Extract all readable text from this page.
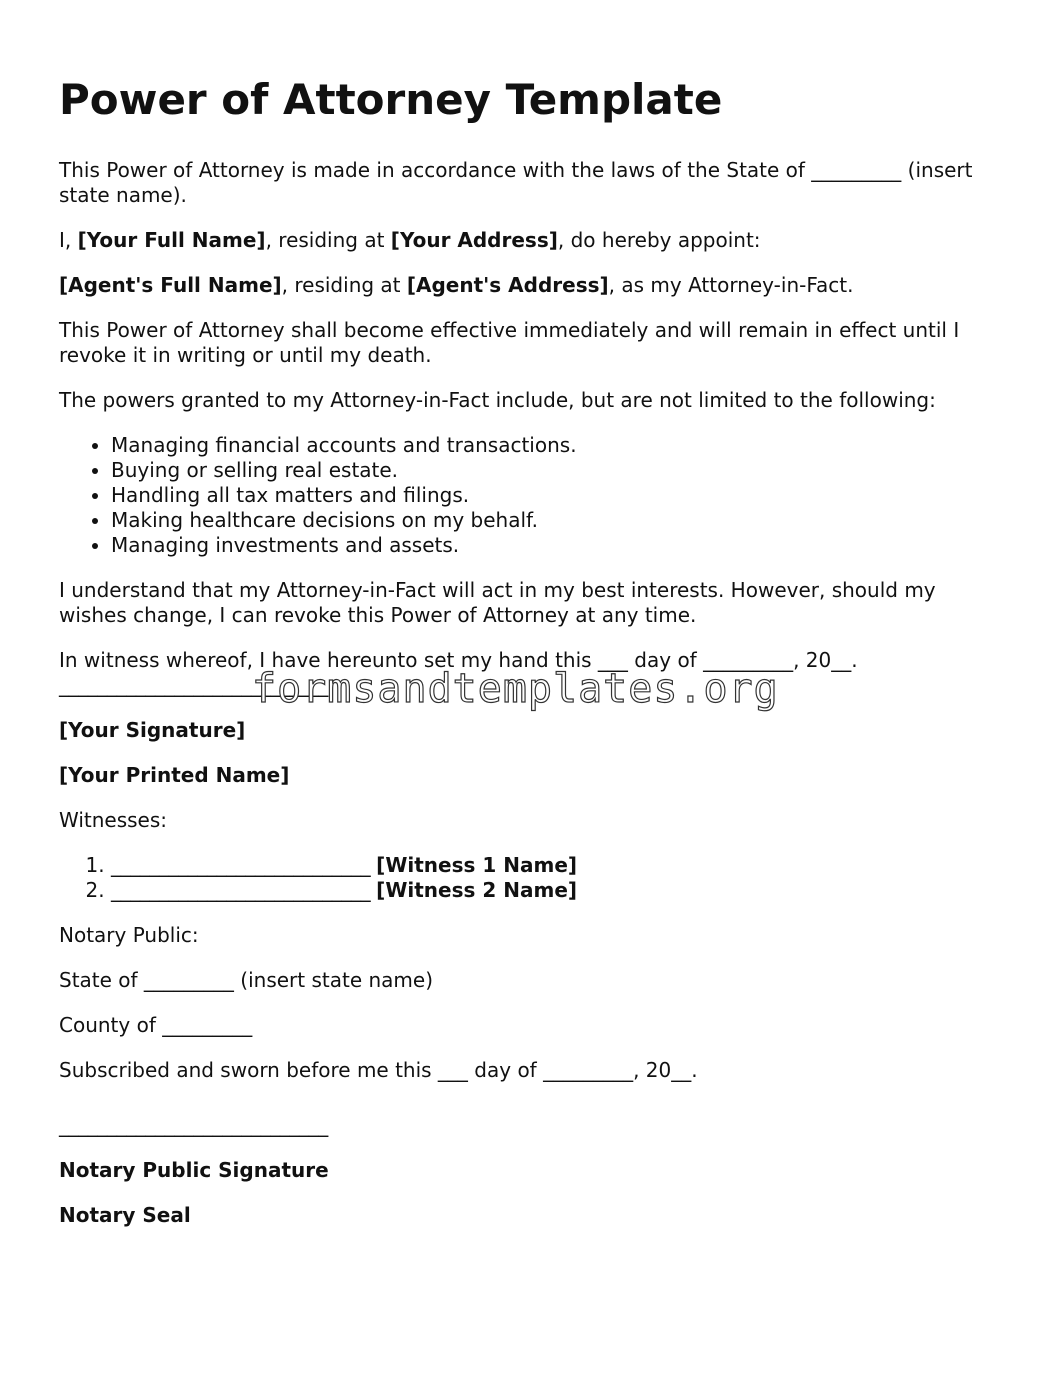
Power of Attorney Template

This Power of Attorney is made in accordance with the laws of the State of _________ (insert state name).

I, [Your Full Name], residing at [Your Address], do hereby appoint:

[Agent's Full Name], residing at [Agent's Address], as my Attorney-in-Fact.

This Power of Attorney shall become effective immediately and will remain in effect until I revoke it in writing or until my death.

The powers granted to my Attorney-in-Fact include, but are not limited to the following:

• Managing financial accounts and transactions.
• Buying or selling real estate.
• Handling all tax matters and filings.
• Making healthcare decisions on my behalf.
• Managing investments and assets.

I understand that my Attorney-in-Fact will act in my best interests. However, should my wishes change, I can revoke this Power of Attorney at any time.

In witness whereof, I have hereunto set my hand this ___ day of _________, 20__.

____________________________

[Your Signature]

[Your Printed Name]

Witnesses:

1. ___________________________ [Witness 1 Name]
2. ___________________________ [Witness 2 Name]

Notary Public:

State of _________ (insert state name)

County of _________

Subscribed and sworn before me this ___ day of _________, 20__.

____________________________

Notary Public Signature

Notary Seal

formsandtemplates.org
